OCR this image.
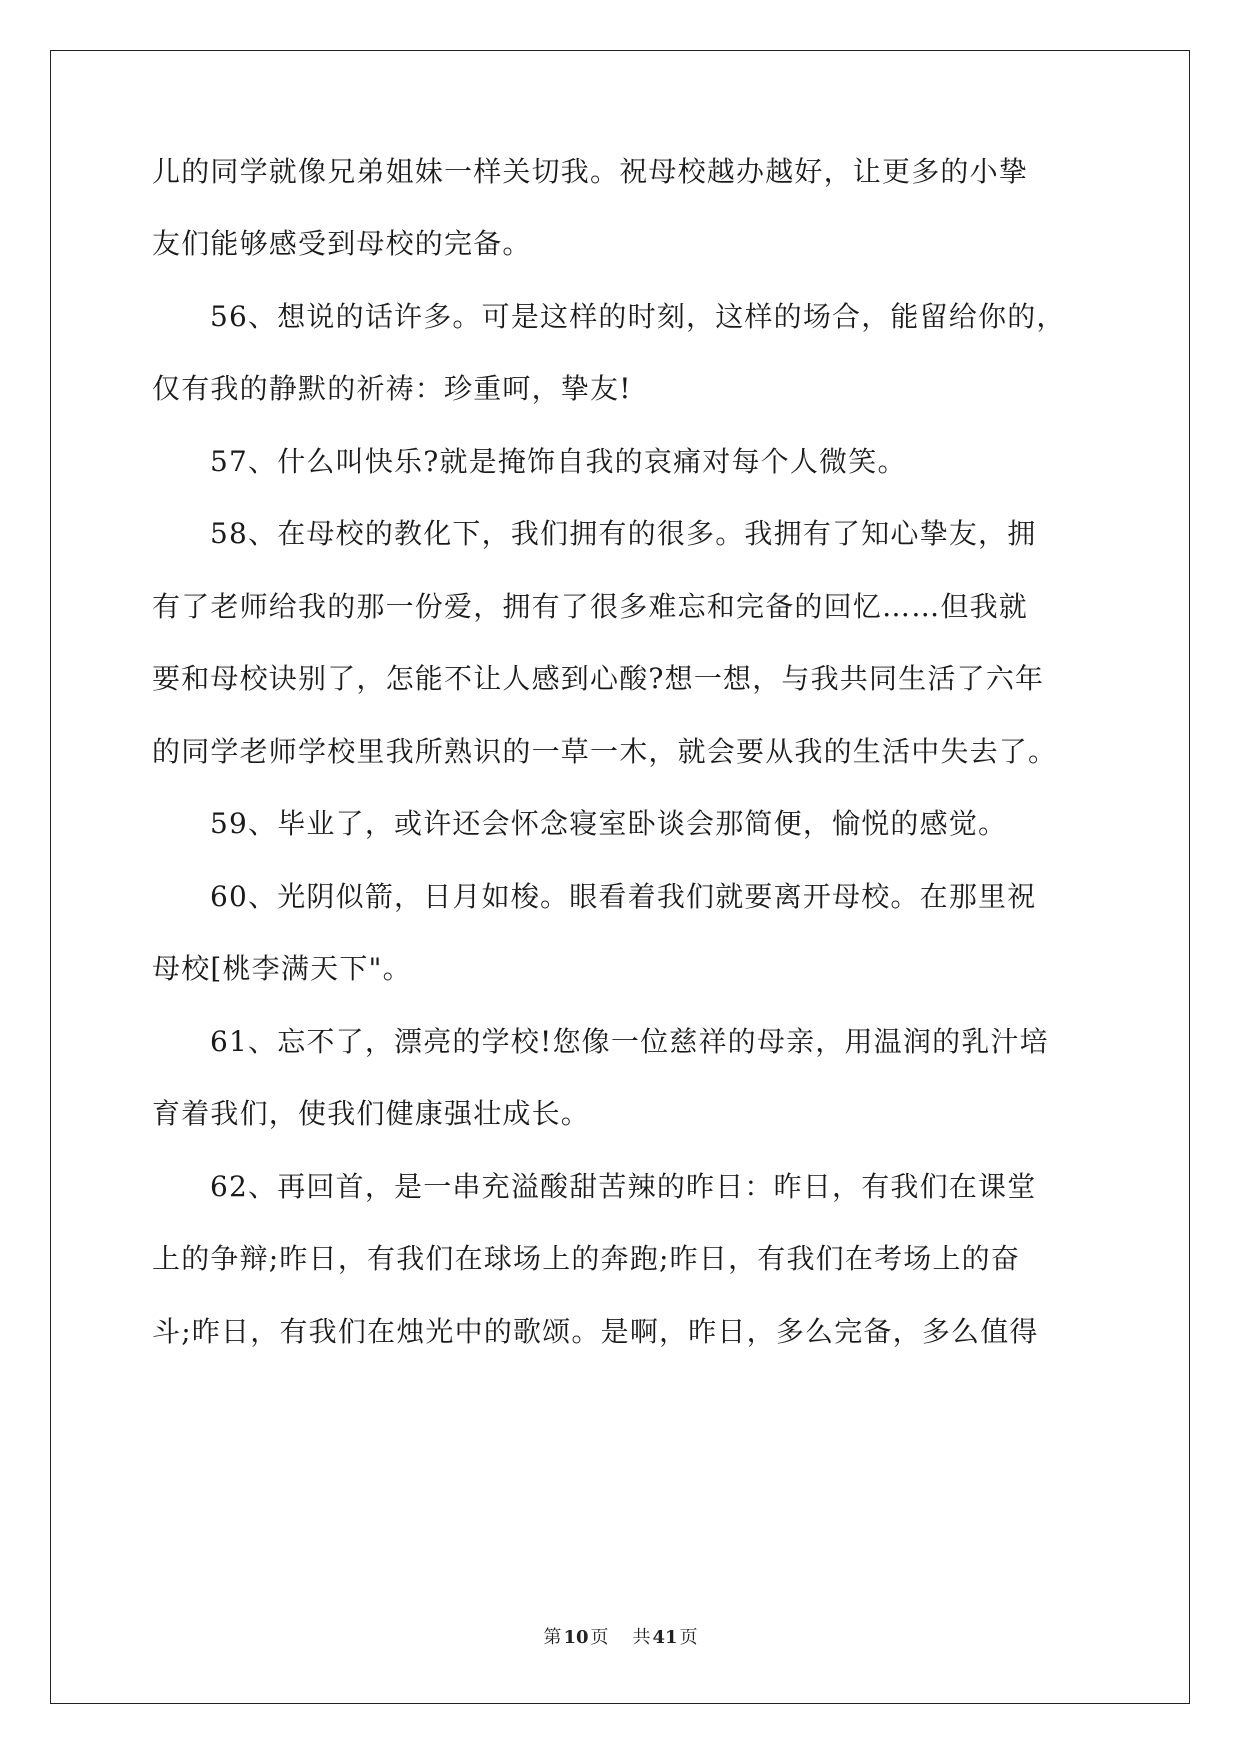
儿的同学就像兄弟姐妹一样关切我。祝母校越办越好，让更多的小挚
友们能够感受到母校的完备。
56、想说的话许多。可是这样的时刻，这样的场合，能留给你的，
仅有我的静默的祈祷：珍重呵，挚友!
57、什么叫快乐?就是掩饰自我的哀痛对每个人微笑。
58、在母校的教化下，我们拥有的很多。我拥有了知心挚友，拥
有了老师给我的那一份爱，拥有了很多难忘和完备的回忆……但我就
要和母校诀别了，怎能不让人感到心酸?想一想，与我共同生活了六年
的同学老师学校里我所熟识的一草一木，就会要从我的生活中失去了。
59、毕业了，或许还会怀念寝室卧谈会那简便，愉悦的感觉。
60、光阴似箭，日月如梭。眼看着我们就要离开母校。在那里祝
母校[桃李满天下"。
61、忘不了，漂亮的学校!您像一位慈祥的母亲，用温润的乳汁培
育着我们，使我们健康强壮成长。
62、再回首，是一串充溢酸甜苦辣的昨日：昨日，有我们在课堂
上的争辩;昨日，有我们在球场上的奔跑;昨日，有我们在考场上的奋
斗;昨日，有我们在烛光中的歌颂。是啊，昨日，多么完备，多么值得
第 10 页 共 41 页
